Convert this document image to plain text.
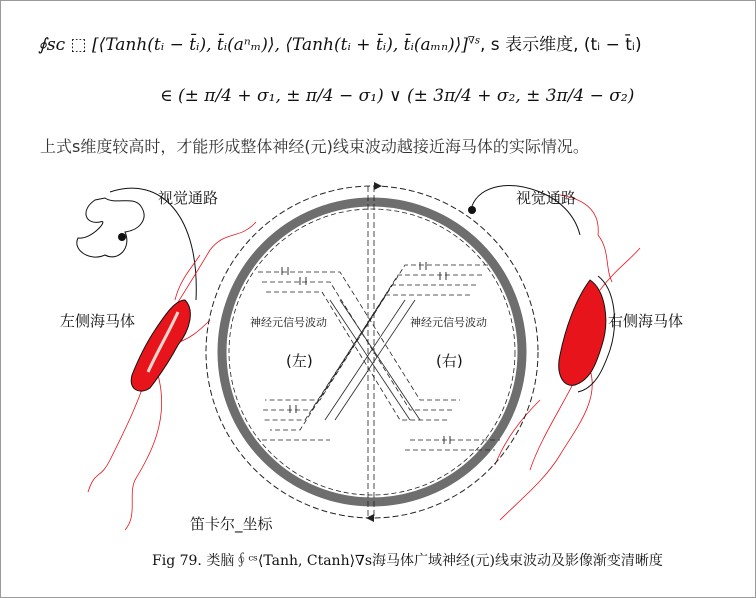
∮ꜱᴄ ⬚ [⟨Tanh(tᵢ − t̄ᵢ), t̄ᵢ(aⁿₘ)⟩, ⟨Tanh(tᵢ + t̄ᵢ), t̄ᵢ(aₘₙ)⟩]$^{\nabla s}$, s 表示维度, (tᵢ − t̄ᵢ)
∈ (± π/4 + σ₁, ± π/4 − σ₁) ∨ (± 3π/4 + σ₂, ± 3π/4 − σ₂)
上式s维度较高时，才能形成整体神经(元)线束波动越接近海马体的实际情况。
视觉通路	视觉通路
左侧海马体	右侧海马体
神经元信号波动	神经元信号波动
(左)	(右)
笛卡尔_坐标
Fig 79. 类脑∮ᶜˢ⟨Tanh, Ctanh⟩∇s海马体广域神经(元)线束波动及影像渐变清晰度
